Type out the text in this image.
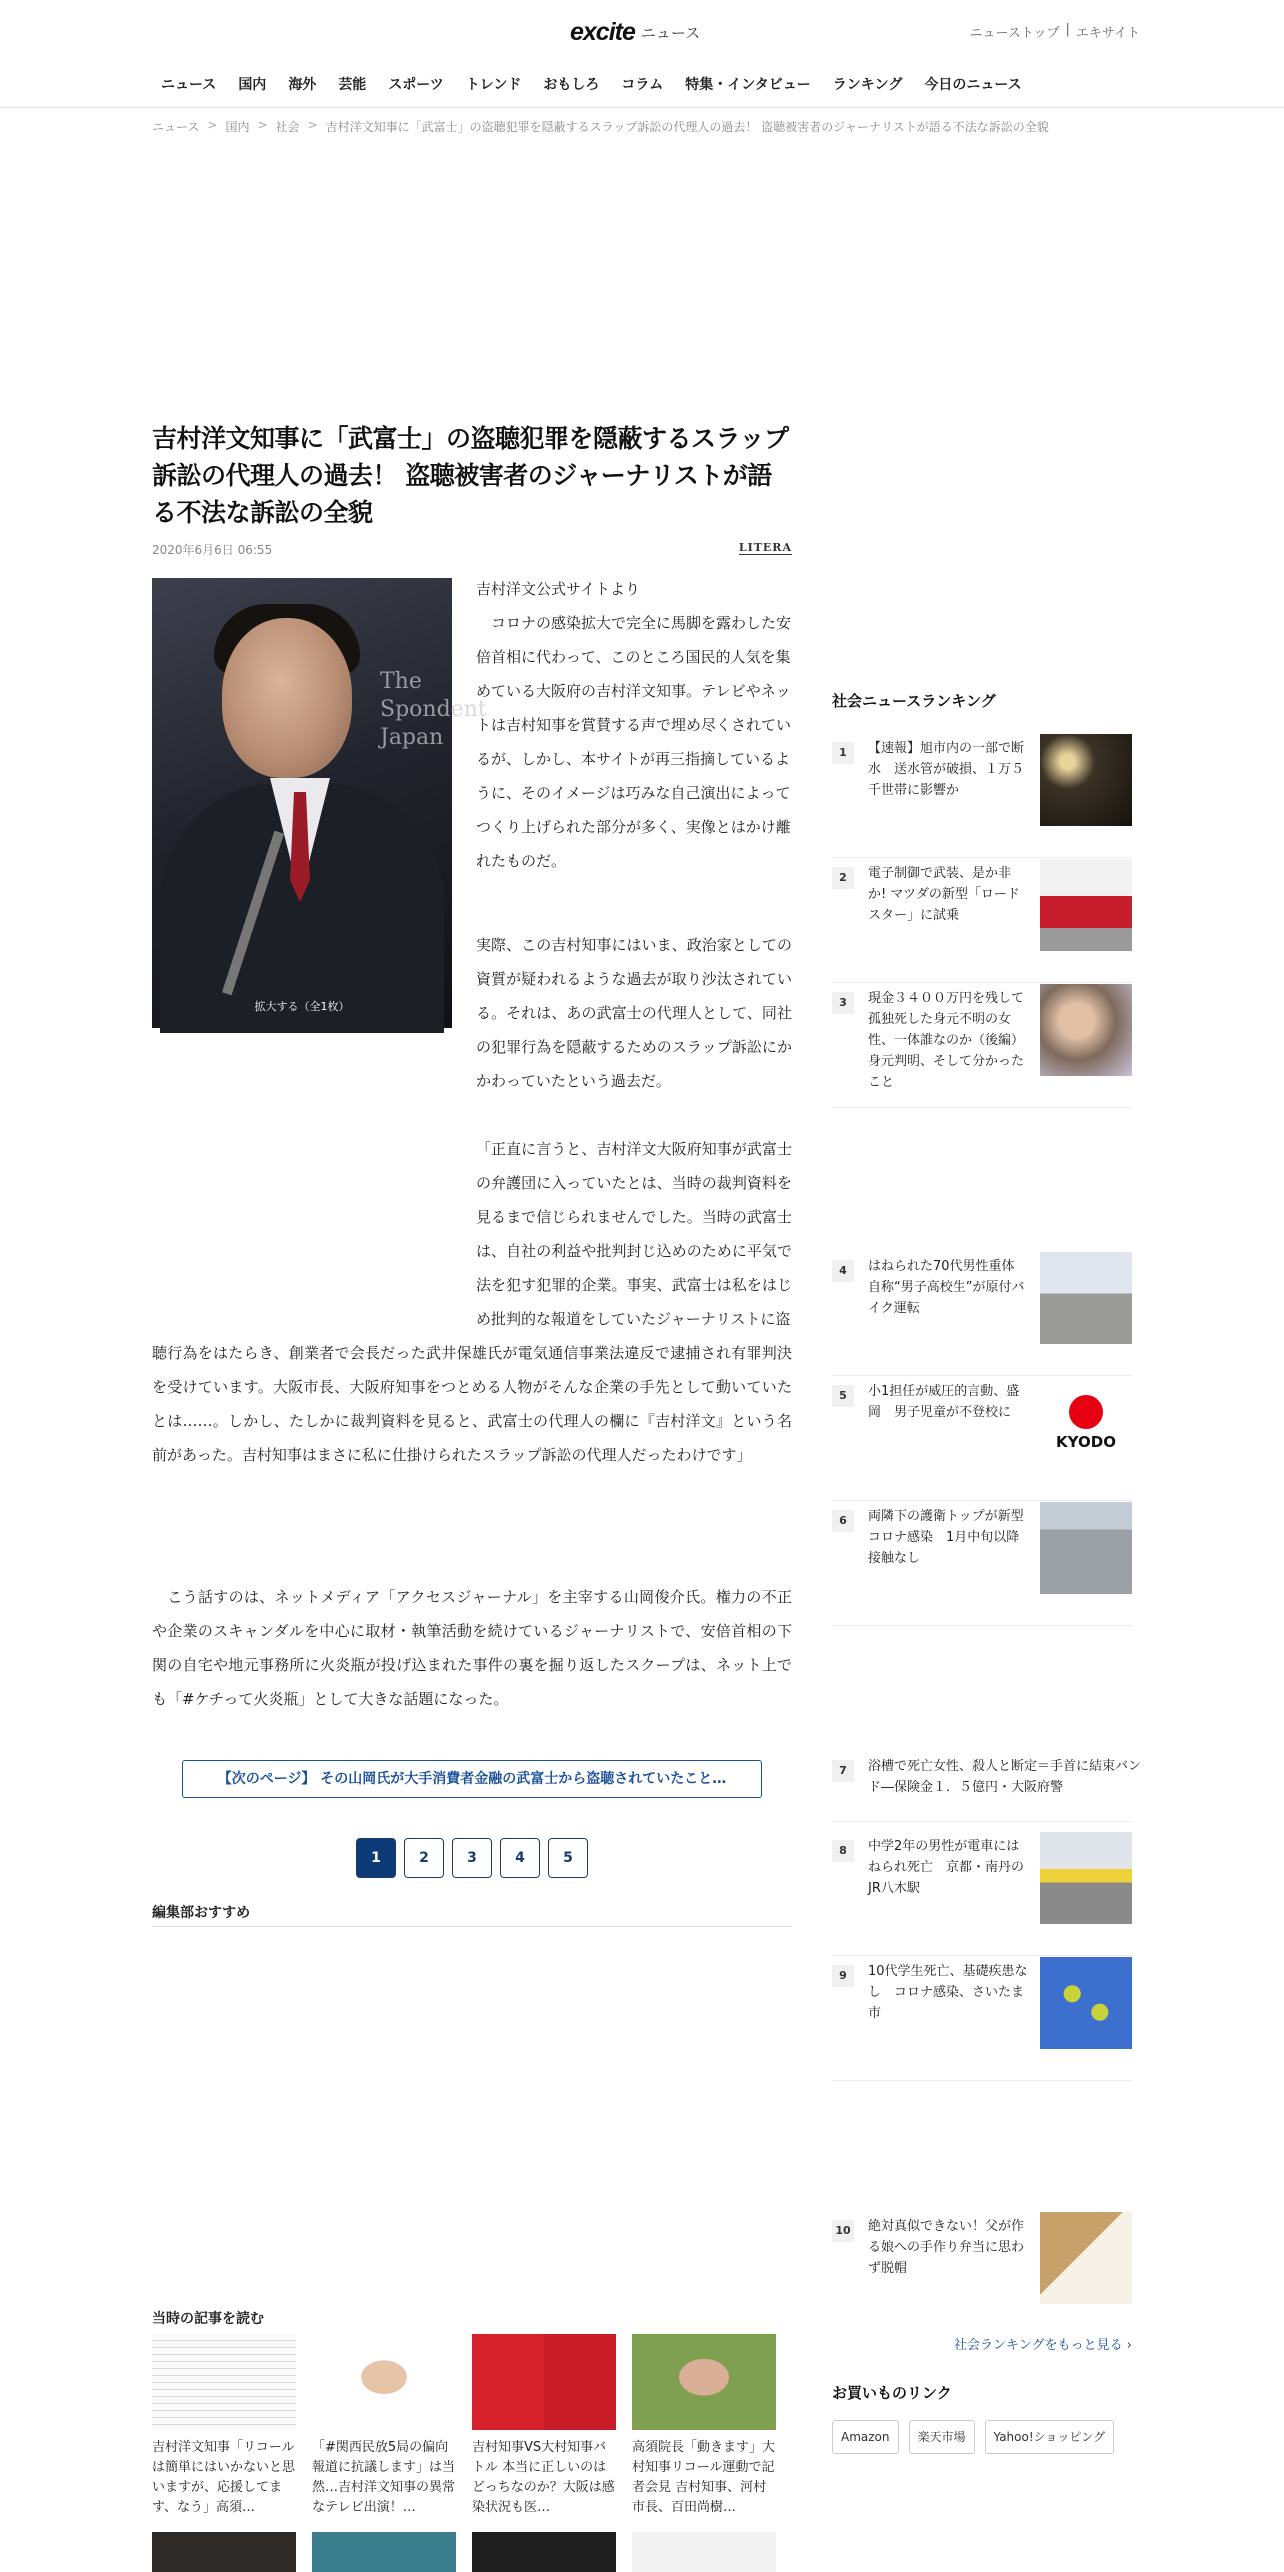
excite ニュース	ニューストップ | エキサイト
ニュース	国内	海外	芸能	スポーツ	トレンド	おもしろ	コラム	特集・インタビュー	ランキング	今日のニュース
ニュース > 国内 > 社会 > 吉村洋文知事に「武富士」の盗聴犯罪を隠蔽するスラップ訴訟の代理人の過去！ 盗聴被害者のジャーナリストが語る不法な訴訟の全貌
吉村洋文知事に「武富士」の盗聴犯罪を隠蔽するスラップ訴訟の代理人の過去！ 盗聴被害者のジャーナリストが語る不法な訴訟の全貌
2020年6月6日 06:55	LITERA
The
Spondent
Japan
拡大する（全1枚）

吉村洋文公式サイトより

　コロナの感染拡大で完全に馬脚を露わした安倍首相に代わって、このところ国民的人気を集めている大阪府の吉村洋文知事。テレビやネットは吉村知事を賞賛する声で埋め尽くされているが、しかし、本サイトが再三指摘しているように、そのイメージは巧みな自己演出によってつくり上げられた部分が多く、実像とはかけ離れたものだ。

実際、この吉村知事にはいま、政治家としての資質が疑われるような過去が取り沙汰されている。それは、あの武富士の代理人として、同社の犯罪行為を隠蔽するためのスラップ訴訟にかかわっていたという過去だ。

「正直に言うと、吉村洋文大阪府知事が武富士の弁護団に入っていたとは、当時の裁判資料を見るまで信じられませんでした。当時の武富士は、自社の利益や批判封じ込めのために平気で法を犯す犯罪的企業。事実、武富士は私をはじめ批判的な報道をしていたジャーナリストに盗

聴行為をはたらき、創業者で会長だった武井保雄氏が電気通信事業法違反で逮捕され有罪判決を受けています。大阪市長、大阪府知事をつとめる人物がそんな企業の手先として動いていたとは……。しかし、たしかに裁判資料を見ると、武富士の代理人の欄に『吉村洋文』という名前があった。吉村知事はまさに私に仕掛けられたスラップ訴訟の代理人だったわけです」

　こう話すのは、ネットメディア「アクセスジャーナル」を主宰する山岡俊介氏。権力の不正や企業のスキャンダルを中心に取材・執筆活動を続けているジャーナリストで、安倍首相の下関の自宅や地元事務所に火炎瓶が投げ込まれた事件の裏を掘り返したスクープは、ネット上でも「#ケチって火炎瓶」として大きな話題になった。

【次のページ】 その山岡氏が大手消費者金融の武富士から盗聴されていたこと…
1	2	3	4	5
編集部おすすめ
当時の記事を読む
吉村洋文知事「リコールは簡単にはいかないと思いますが、応援してます、なう」高須…
「#関西民放5局の偏向報道に抗議します」は当然…吉村洋文知事の異常なテレビ出演！…
吉村知事VS大村知事バトル 本当に正しいのはどっちなのか？大阪は感染状況も医…
高須院長「動きます」大村知事リコール運動で記者会見 吉村知事、河村市長、百田尚樹…
社会ニュースランキング
1	【速報】旭市内の一部で断水　送水管が破損、１万５千世帯に影響か
2	電子制御で武装、是か非か! マツダの新型「ロードスター」に試乗
3	現金３４００万円を残して孤独死した身元不明の女性、一体誰なのか（後編）　身元判明、そして分かったこと
4	はねられた70代男性重体　自称“男子高校生”が原付バイク運転
5	小1担任が威圧的言動、盛岡　男子児童が不登校に
KYODO
6	両隣下の護衛トップが新型コロナ感染　1月中旬以降接触なし
7	浴槽で死亡女性、殺人と断定＝手首に結束バンド―保険金１．５億円・大阪府警
8	中学2年の男性が電車にはねられ死亡　京都・南丹のJR八木駅
9	10代学生死亡、基礎疾患なし　コロナ感染、さいたま市
10 絶対真似できない！父が作る娘への手作り弁当に思わず脱帽
社会ランキングをもっと見る ›
お買いものリンク
Amazon	楽天市場	Yahoo!ショッピング
